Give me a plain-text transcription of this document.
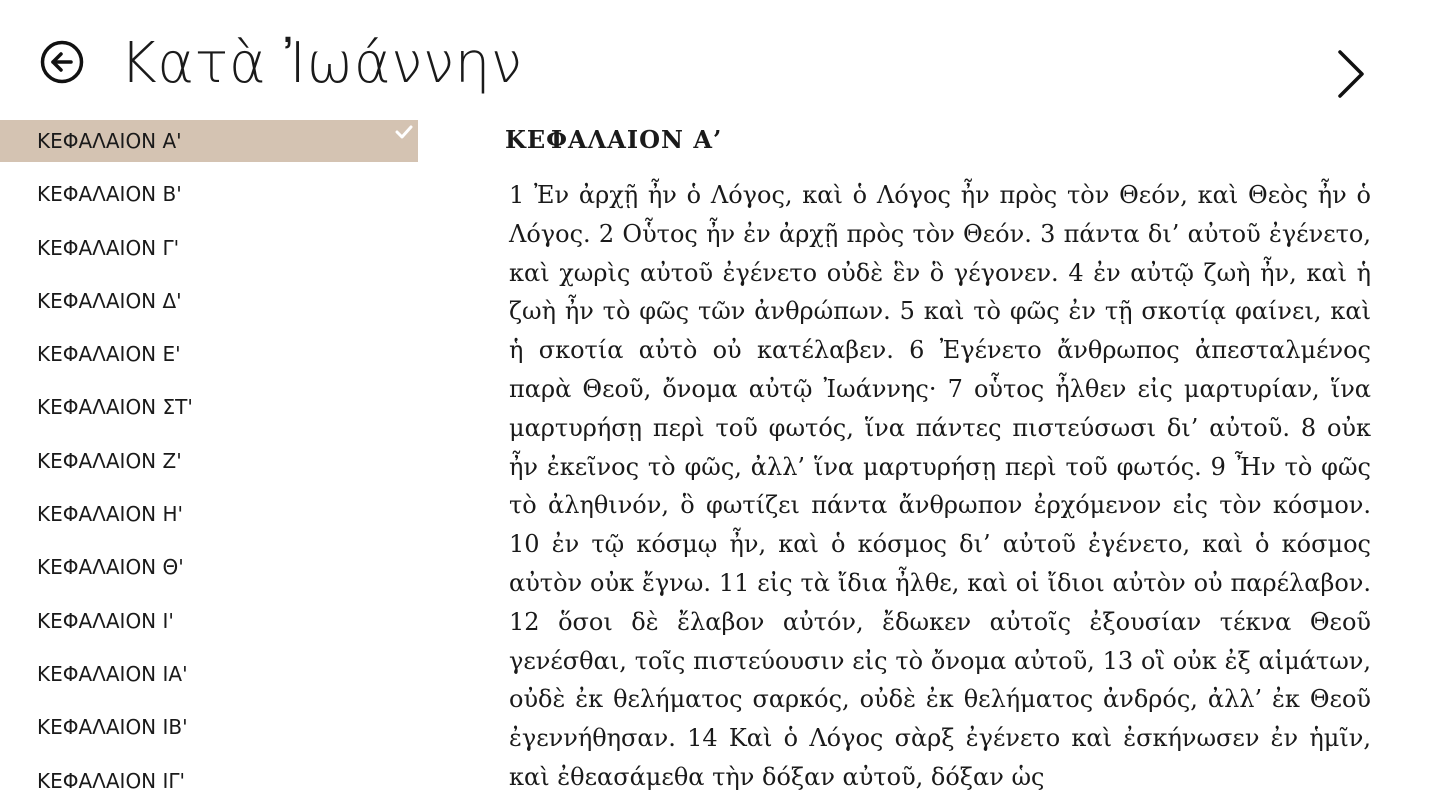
Κατὰ Ἰωάννην
ΚΕΦΑΛΑΙΟΝ Α'
ΚΕΦΑΛΑΙΟΝ Β'
ΚΕΦΑΛΑΙΟΝ Γ'
ΚΕΦΑΛΑΙΟΝ Δ'
ΚΕΦΑΛΑΙΟΝ Ε'
ΚΕΦΑΛΑΙΟΝ ΣΤ'
ΚΕΦΑΛΑΙΟΝ Ζ'
ΚΕΦΑΛΑΙΟΝ Η'
ΚΕΦΑΛΑΙΟΝ Θ'
ΚΕΦΑΛΑΙΟΝ Ι'
ΚΕΦΑΛΑΙΟΝ ΙΑ'
ΚΕΦΑΛΑΙΟΝ ΙΒ'
ΚΕΦΑΛΑΙΟΝ ΙΓ'
ΚΕΦΑΛΑΙΟΝ Α’

1 Ἐν ἀρχῇ ἦν ὁ Λόγος, καὶ ὁ Λόγος ἦν πρὸς τὸν Θεόν, καὶ Θεὸς ἦν ὁ Λόγος. 2 Οὗτος ἦν ἐν ἀρχῇ πρὸς τὸν Θεόν. 3 πάντα δι’ αὐτοῦ ἐγένετο, καὶ χωρὶς αὐτοῦ ἐγένετο οὐδὲ ἓν ὃ γέγονεν. 4 ἐν αὐτῷ ζωὴ ἦν, καὶ ἡ ζωὴ ἦν τὸ φῶς τῶν ἀνθρώπων. 5 καὶ τὸ φῶς ἐν τῇ σκοτίᾳ φαίνει, καὶ ἡ σκοτία αὐτὸ οὐ κατέλαβεν. 6 Ἐγένετο ἄνθρωπος ἀπεσταλμένος παρὰ Θεοῦ, ὄνομα αὐτῷ Ἰωάννης· 7 οὗτος ἦλθεν εἰς μαρτυρίαν, ἵνα μαρτυρήσῃ περὶ τοῦ φωτός, ἵνα πάντες πιστεύσωσι δι’ αὐτοῦ. 8 οὐκ ἦν ἐκεῖνος τὸ φῶς, ἀλλ’ ἵνα μαρτυρήσῃ περὶ τοῦ φωτός. 9 Ἦν τὸ φῶς τὸ ἀληθινόν, ὃ φωτίζει πάντα ἄνθρωπον ἐρχόμενον εἰς τὸν κόσμον. 10 ἐν τῷ κόσμῳ ἦν, καὶ ὁ κόσμος δι’ αὐτοῦ ἐγένετο, καὶ ὁ κόσμος αὐτὸν οὐκ ἔγνω. 11 εἰς τὰ ἴδια ἦλθε, καὶ οἱ ἴδιοι αὐτὸν οὐ παρέλαβον. 12 ὅσοι δὲ ἔλαβον αὐτόν, ἔδωκεν αὐτοῖς ἐξουσίαν τέκνα Θεοῦ γενέσθαι, τοῖς πιστεύουσιν εἰς τὸ ὄνομα αὐτοῦ, 13 οἳ οὐκ ἐξ αἱμάτων, οὐδὲ ἐκ θελήματος σαρκός, οὐδὲ ἐκ θελήματος ἀνδρός, ἀλλ’ ἐκ Θεοῦ ἐγεννήθησαν. 14 Καὶ ὁ Λόγος σὰρξ ἐγένετο καὶ ἐσκήνωσεν ἐν ἡμῖν, καὶ ἐθεασάμεθα τὴν δόξαν αὐτοῦ, δόξαν ὡς
